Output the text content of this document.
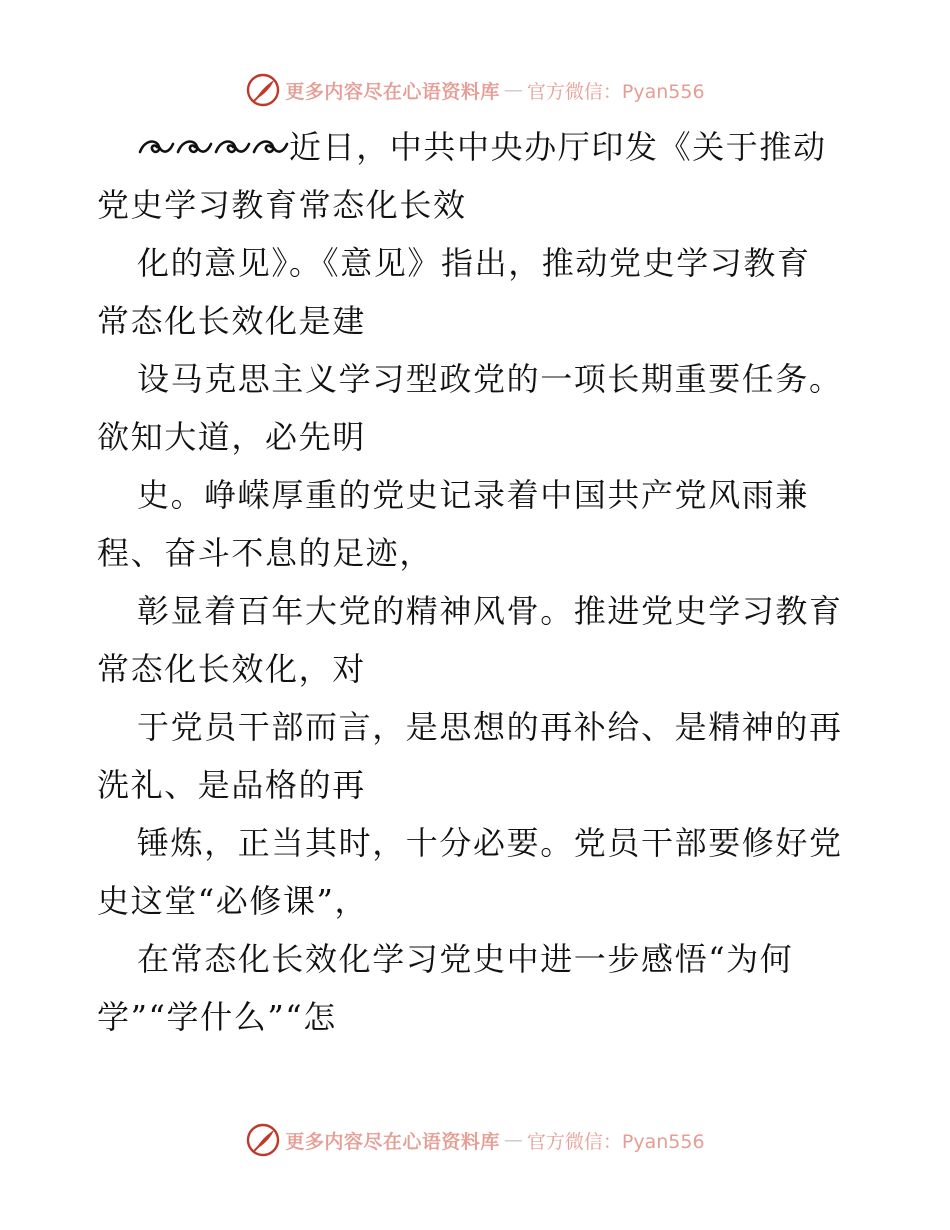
更多内容尽在心语资料库 — 官方微信：Pyan556
近日，中共中央办厅印发《关于推动
党史学习教育常态化长效
化的意见》。《意见》指出，推动党史学习教育
常态化长效化是建
设马克思主义学习型政党的一项长期重要任务。
欲知大道，必先明
史。峥嵘厚重的党史记录着中国共产党风雨兼
程、奋斗不息的足迹，
彰显着百年大党的精神风骨。推进党史学习教育
常态化长效化，对
于党员干部而言，是思想的再补给、是精神的再
洗礼、是品格的再
锤炼，正当其时，十分必要。党员干部要修好党
史这堂“必修课”，
在常态化长效化学习党史中进一步感悟“为何
学”“学什么”“怎
更多内容尽在心语资料库 — 官方微信：Pyan556
